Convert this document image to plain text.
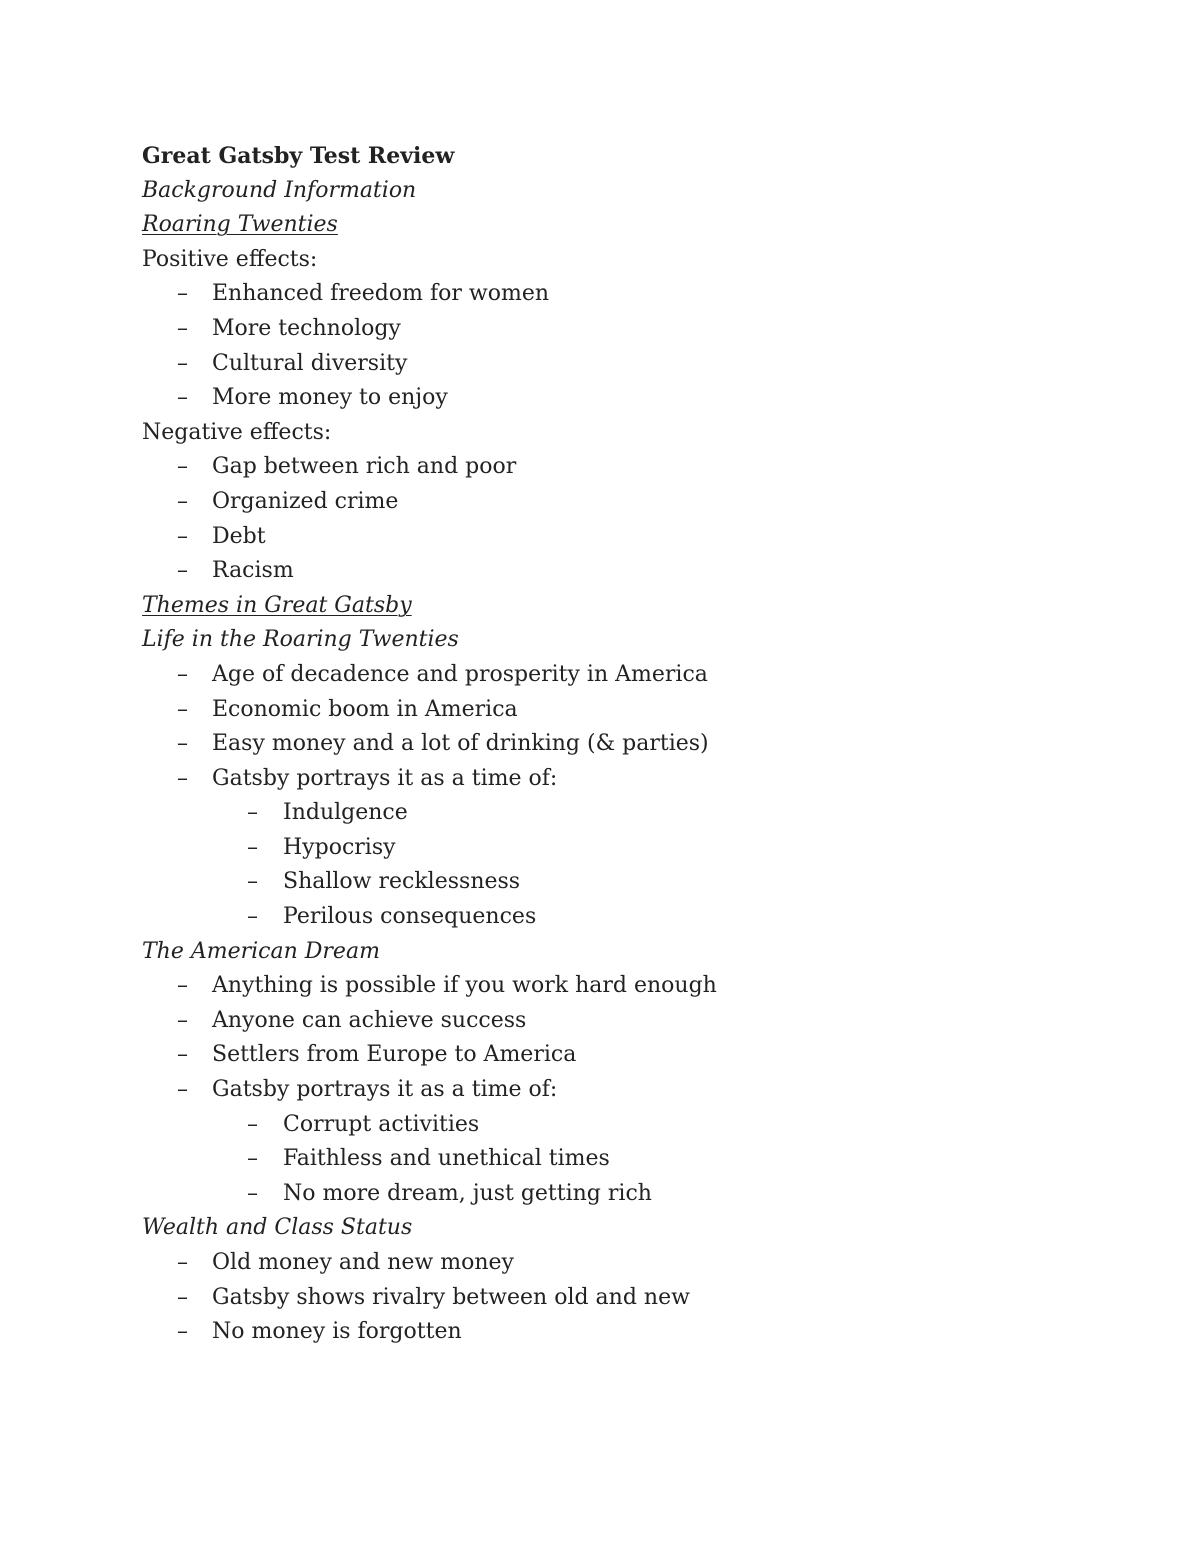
Great Gatsby Test Review
Background Information
Roaring Twenties
Positive effects:
– Enhanced freedom for women
– More technology
– Cultural diversity
– More money to enjoy
Negative effects:
– Gap between rich and poor
– Organized crime
– Debt
– Racism
Themes in Great Gatsby
Life in the Roaring Twenties
– Age of decadence and prosperity in America
– Economic boom in America
– Easy money and a lot of drinking (& parties)
– Gatsby portrays it as a time of:
– Indulgence
– Hypocrisy
– Shallow recklessness
– Perilous consequences
The American Dream
– Anything is possible if you work hard enough
– Anyone can achieve success
– Settlers from Europe to America
– Gatsby portrays it as a time of:
– Corrupt activities
– Faithless and unethical times
– No more dream, just getting rich
Wealth and Class Status
– Old money and new money
– Gatsby shows rivalry between old and new
– No money is forgotten
